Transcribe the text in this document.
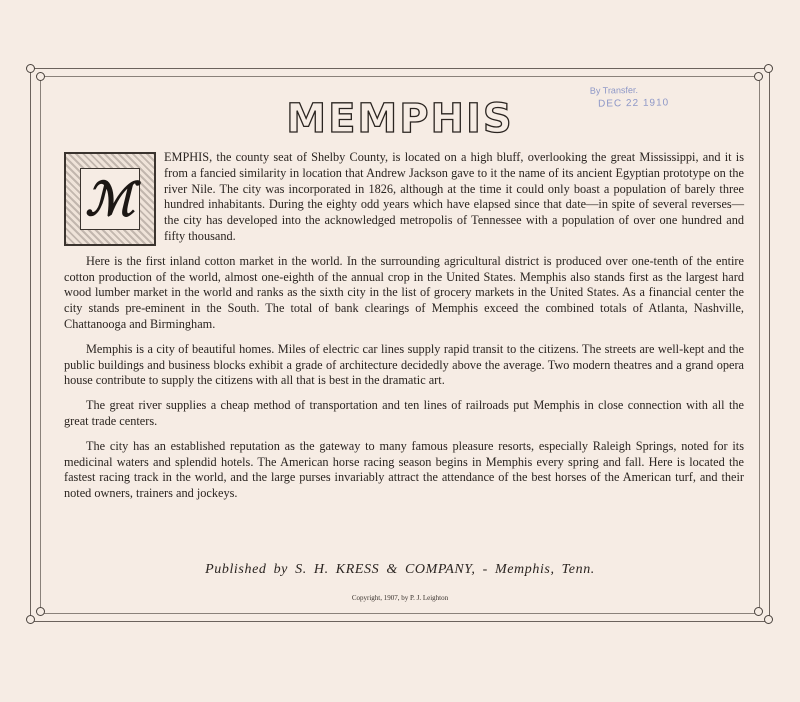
By Transfer.
DEC 22 1910
MEMPHIS

ℳ
EMPHIS, the county seat of Shelby County, is located on a high bluff, overlooking the great Mississippi, and it is from a fancied similarity in location that Andrew Jackson gave to it the name of its ancient Egyptian prototype on the river Nile. The city was incorporated in 1826, although at the time it could only boast a population of barely three hundred inhabitants. During the eighty odd years which have elapsed since that date—in spite of several reverses—the city has developed into the acknowledged metropolis of Tennessee with a population of over one hundred and fifty thousand.

Here is the first inland cotton market in the world. In the surrounding agricultural district is produced over one-tenth of the entire cotton production of the world, almost one-eighth of the annual crop in the United States. Memphis also stands first as the largest hard wood lumber market in the world and ranks as the sixth city in the list of grocery markets in the United States. As a financial center the city stands pre-eminent in the South. The total of bank clearings of Memphis exceed the combined totals of Atlanta, Nashville, Chattanooga and Birmingham.

Memphis is a city of beautiful homes. Miles of electric car lines supply rapid transit to the citizens. The streets are well-kept and the public buildings and business blocks exhibit a grade of architecture decidedly above the average. Two modern theatres and a grand opera house contribute to supply the citizens with all that is best in the dramatic art.

The great river supplies a cheap method of transportation and ten lines of railroads put Memphis in close connection with all the great trade centers.

The city has an established reputation as the gateway to many famous pleasure resorts, especially Raleigh Springs, noted for its medicinal waters and splendid hotels. The American horse racing season begins in Memphis every spring and fall. Here is located the fastest racing track in the world, and the large purses invariably attract the attendance of the best horses of the American turf, and their noted owners, trainers and jockeys.

Published by S. H. KRESS & COMPANY, - Memphis, Tenn.
Copyright, 1907, by P. J. Leighton
